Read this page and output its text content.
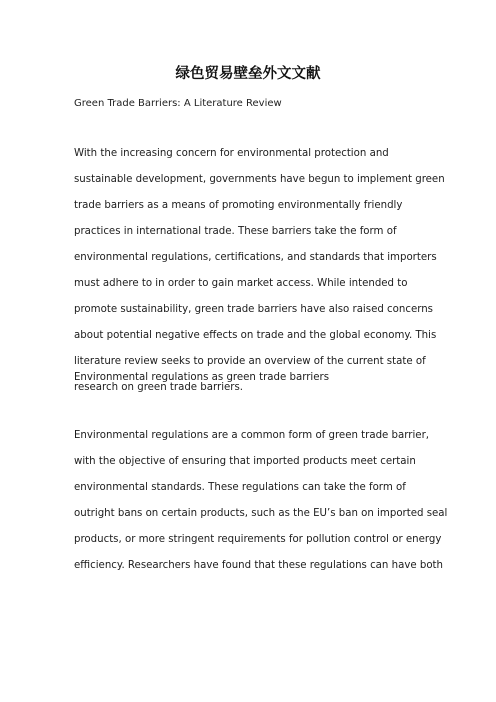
绿色贸易壁垒外文文献
Green Trade Barriers: A Literature Review
With the increasing concern for environmental protection and
sustainable development, governments have begun to implement green
trade barriers as a means of promoting environmentally friendly
practices in international trade. These barriers take the form of
environmental regulations, certifications, and standards that importers
must adhere to in order to gain market access. While intended to
promote sustainability, green trade barriers have also raised concerns
about potential negative effects on trade and the global economy. This
literature review seeks to provide an overview of the current state of
research on green trade barriers.
Environmental regulations as green trade barriers
Environmental regulations are a common form of green trade barrier,
with the objective of ensuring that imported products meet certain
environmental standards. These regulations can take the form of
outright bans on certain products, such as the EU’s ban on imported seal
products, or more stringent requirements for pollution control or energy
efficiency. Researchers have found that these regulations can have both
